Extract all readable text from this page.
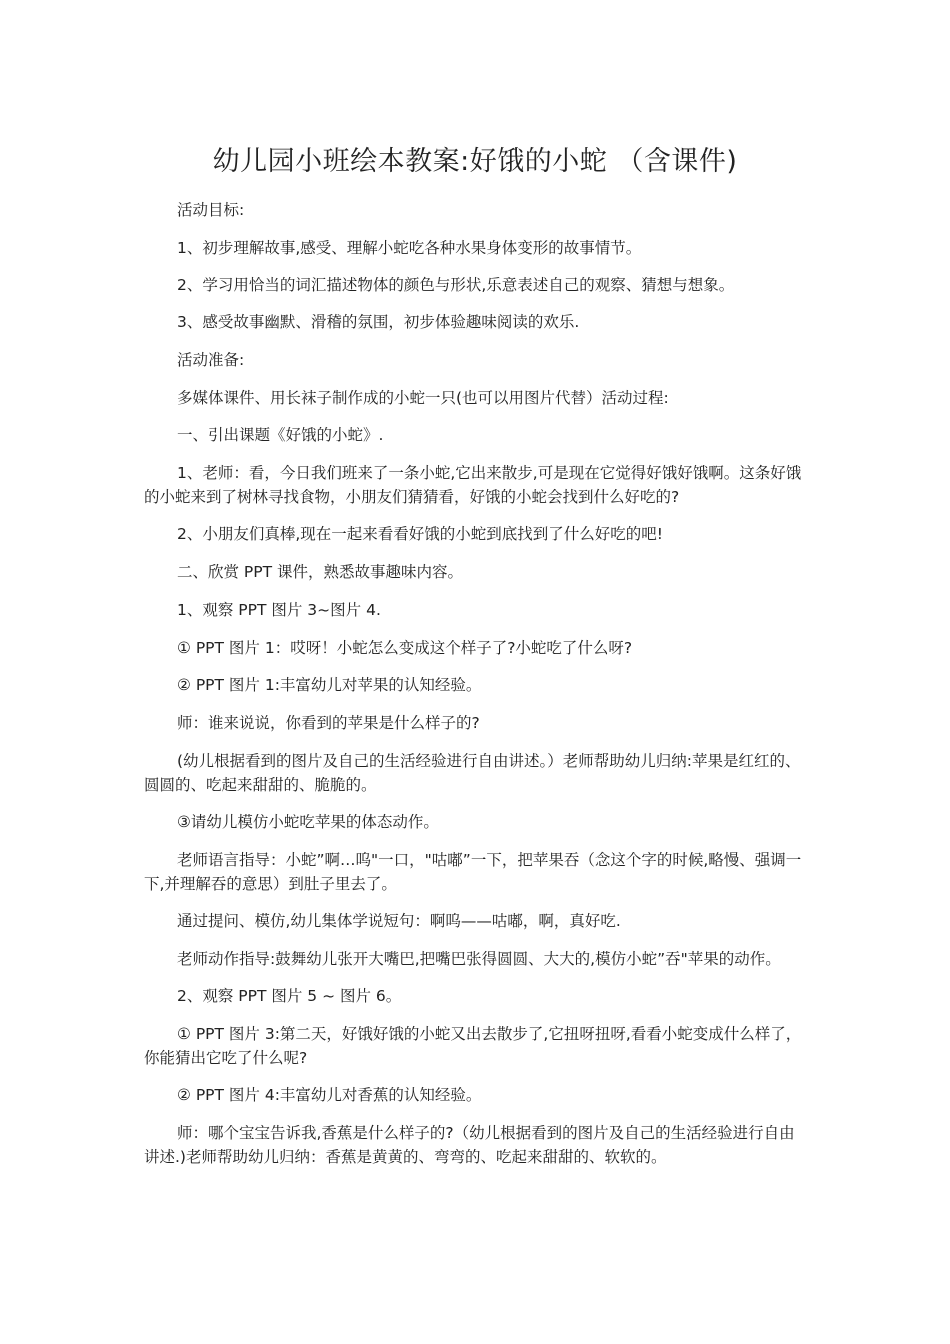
幼儿园小班绘本教案:好饿的小蛇 （含课件)

活动目标:

1、初步理解故事,感受、理解小蛇吃各种水果身体变形的故事情节。

2、学习用恰当的词汇描述物体的颜色与形状,乐意表述自己的观察、猜想与想象。

3、感受故事幽默、滑稽的氛围，初步体验趣味阅读的欢乐.

活动准备:

多媒体课件、用长袜子制作成的小蛇一只(也可以用图片代替）活动过程:

一、引出课题《好饿的小蛇》.

1、老师：看，今日我们班来了一条小蛇,它出来散步,可是现在它觉得好饿好饿啊。这条好饿的小蛇来到了树林寻找食物，小朋友们猜猜看，好饿的小蛇会找到什么好吃的?

2、小朋友们真棒,现在一起来看看好饿的小蛇到底找到了什么好吃的吧!

二、欣赏 PPT 课件，熟悉故事趣味内容。

1、观察 PPT 图片 3~图片 4.

① PPT 图片 1：哎呀！小蛇怎么变成这个样子了?小蛇吃了什么呀?

② PPT 图片 1:丰富幼儿对苹果的认知经验。

师：谁来说说，你看到的苹果是什么样子的?

(幼儿根据看到的图片及自己的生活经验进行自由讲述。）老师帮助幼儿归纳:苹果是红红的、圆圆的、吃起来甜甜的、脆脆的。

③请幼儿模仿小蛇吃苹果的体态动作。

老师语言指导：小蛇”啊…呜"一口，"咕嘟”一下，把苹果吞（念这个字的时候,略慢、强调一下,并理解吞的意思）到肚子里去了。

通过提问、模仿,幼儿集体学说短句：啊呜——咕嘟，啊，真好吃.

老师动作指导:鼓舞幼儿张开大嘴巴,把嘴巴张得圆圆、大大的,模仿小蛇”吞"苹果的动作。

2、观察 PPT 图片 5 ~ 图片 6。

① PPT 图片 3:第二天，好饿好饿的小蛇又出去散步了,它扭呀扭呀,看看小蛇变成什么样了，你能猜出它吃了什么呢?

② PPT 图片 4:丰富幼儿对香蕉的认知经验。

师：哪个宝宝告诉我,香蕉是什么样子的?（幼儿根据看到的图片及自己的生活经验进行自由讲述.)老师帮助幼儿归纳：香蕉是黄黄的、弯弯的、吃起来甜甜的、软软的。
